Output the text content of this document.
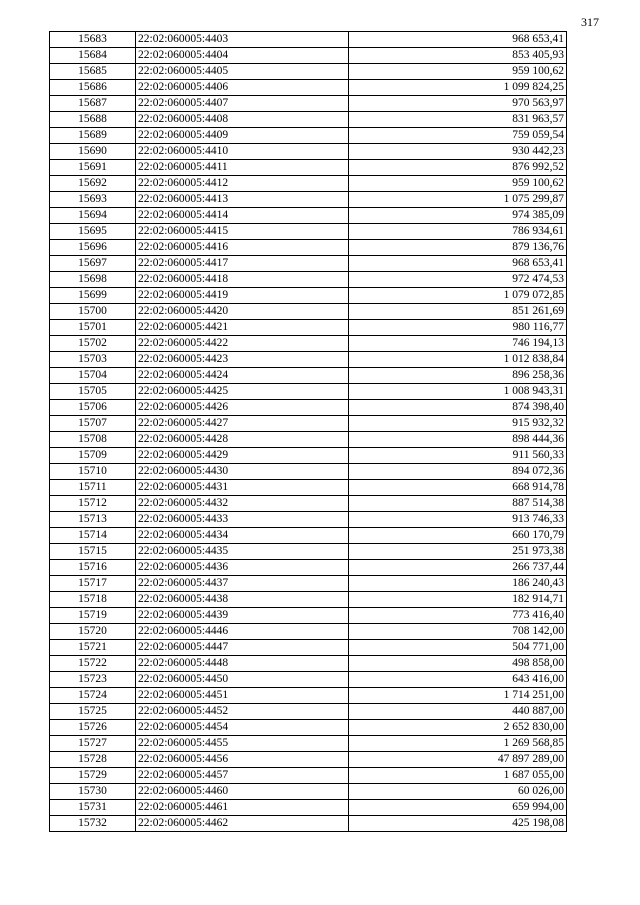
317
15683	22:02:060005:4403	968 653,41
15684	22:02:060005:4404	853 405,93
15685	22:02:060005:4405	959 100,62
15686	22:02:060005:4406	1 099 824,25
15687	22:02:060005:4407	970 563,97
15688	22:02:060005:4408	831 963,57
15689	22:02:060005:4409	759 059,54
15690	22:02:060005:4410	930 442,23
15691	22:02:060005:4411	876 992,52
15692	22:02:060005:4412	959 100,62
15693	22:02:060005:4413	1 075 299,87
15694	22:02:060005:4414	974 385,09
15695	22:02:060005:4415	786 934,61
15696	22:02:060005:4416	879 136,76
15697	22:02:060005:4417	968 653,41
15698	22:02:060005:4418	972 474,53
15699	22:02:060005:4419	1 079 072,85
15700	22:02:060005:4420	851 261,69
15701	22:02:060005:4421	980 116,77
15702	22:02:060005:4422	746 194,13
15703	22:02:060005:4423	1 012 838,84
15704	22:02:060005:4424	896 258,36
15705	22:02:060005:4425	1 008 943,31
15706	22:02:060005:4426	874 398,40
15707	22:02:060005:4427	915 932,32
15708	22:02:060005:4428	898 444,36
15709	22:02:060005:4429	911 560,33
15710	22:02:060005:4430	894 072,36
15711	22:02:060005:4431	668 914,78
15712	22:02:060005:4432	887 514,38
15713	22:02:060005:4433	913 746,33
15714	22:02:060005:4434	660 170,79
15715	22:02:060005:4435	251 973,38
15716	22:02:060005:4436	266 737,44
15717	22:02:060005:4437	186 240,43
15718	22:02:060005:4438	182 914,71
15719	22:02:060005:4439	773 416,40
15720	22:02:060005:4446	708 142,00
15721	22:02:060005:4447	504 771,00
15722	22:02:060005:4448	498 858,00
15723	22:02:060005:4450	643 416,00
15724	22:02:060005:4451	1 714 251,00
15725	22:02:060005:4452	440 887,00
15726	22:02:060005:4454	2 652 830,00
15727	22:02:060005:4455	1 269 568,85
15728	22:02:060005:4456	47 897 289,00
15729	22:02:060005:4457	1 687 055,00
15730	22:02:060005:4460	60 026,00
15731	22:02:060005:4461	659 994,00
15732	22:02:060005:4462	425 198,08
